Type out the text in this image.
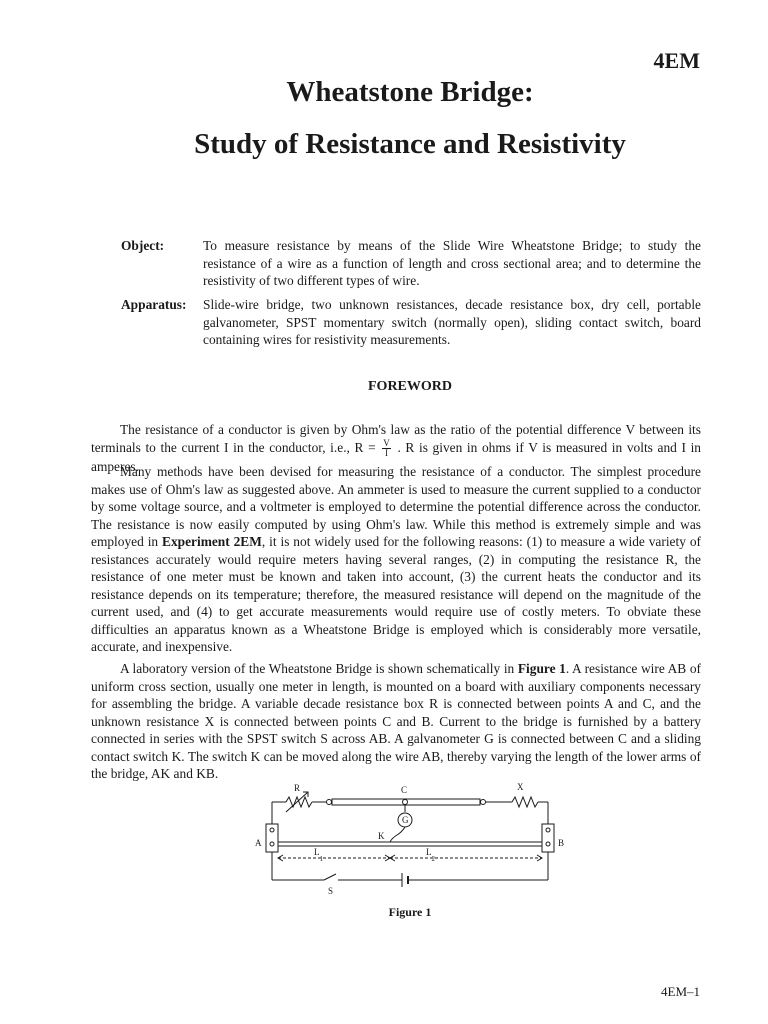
4EM
Wheatstone Bridge:
Study of Resistance and Resistivity
Object:	To measure resistance by means of the Slide Wire Wheatstone Bridge; to study the resistance of a wire as a function of length and cross sectional area; and to determine the resistivity of two different types of wire.
Apparatus: Slide-wire bridge, two unknown resistances, decade resistance box, dry cell, portable galvanometer, SPST momentary switch (normally open), sliding contact switch, board containing wires for resistivity measurements.
FOREWORD

The resistance of a conductor is given by Ohm's law as the ratio of the potential difference V between its terminals to the current I in the conductor, i.e., $R = \frac{V}{I}$ . R is given in ohms if V is measured in volts and I in amperes.

Many methods have been devised for measuring the resistance of a conductor. The simplest procedure makes use of Ohm's law as suggested above. An ammeter is used to measure the current supplied to a conductor by some voltage source, and a voltmeter is employed to determine the potential difference across the conductor. The resistance is now easily computed by using Ohm's law. While this method is extremely simple and was employed in Experiment 2EM, it is not widely used for the following reasons: (1) to measure a wide variety of resistances accurately would require meters having several ranges, (2) in computing the resistance R, the resistance of one meter must be known and taken into account, (3) the current heats the conductor and its resistance depends on its temperature; therefore, the measured resistance will depend on the magnitude of the current used, and (4) to get accurate measurements would require use of costly meters. To obviate these difficulties an apparatus known as a Wheatstone Bridge is employed which is considerably more versatile, accurate, and inexpensive.

A laboratory version of the Wheatstone Bridge is shown schematically in Figure 1. A resistance wire AB of uniform cross section, usually one meter in length, is mounted on a board with auxiliary components necessary for assembling the bridge. A variable decade resistance box R is connected between points A and C, and the unknown resistance X is connected between points C and B. Current to the bridge is furnished by a battery connected in series with the SPST switch S across AB. A galvanometer G is connected between C and a sliding contact switch K. The switch K can be moved along the wire AB, thereby varying the length of the lower arms of the bridge, AK and KB.

R	C	X
G
K
A	B
$L_1$
$L_2$
S
Figure 1
4EM–1
